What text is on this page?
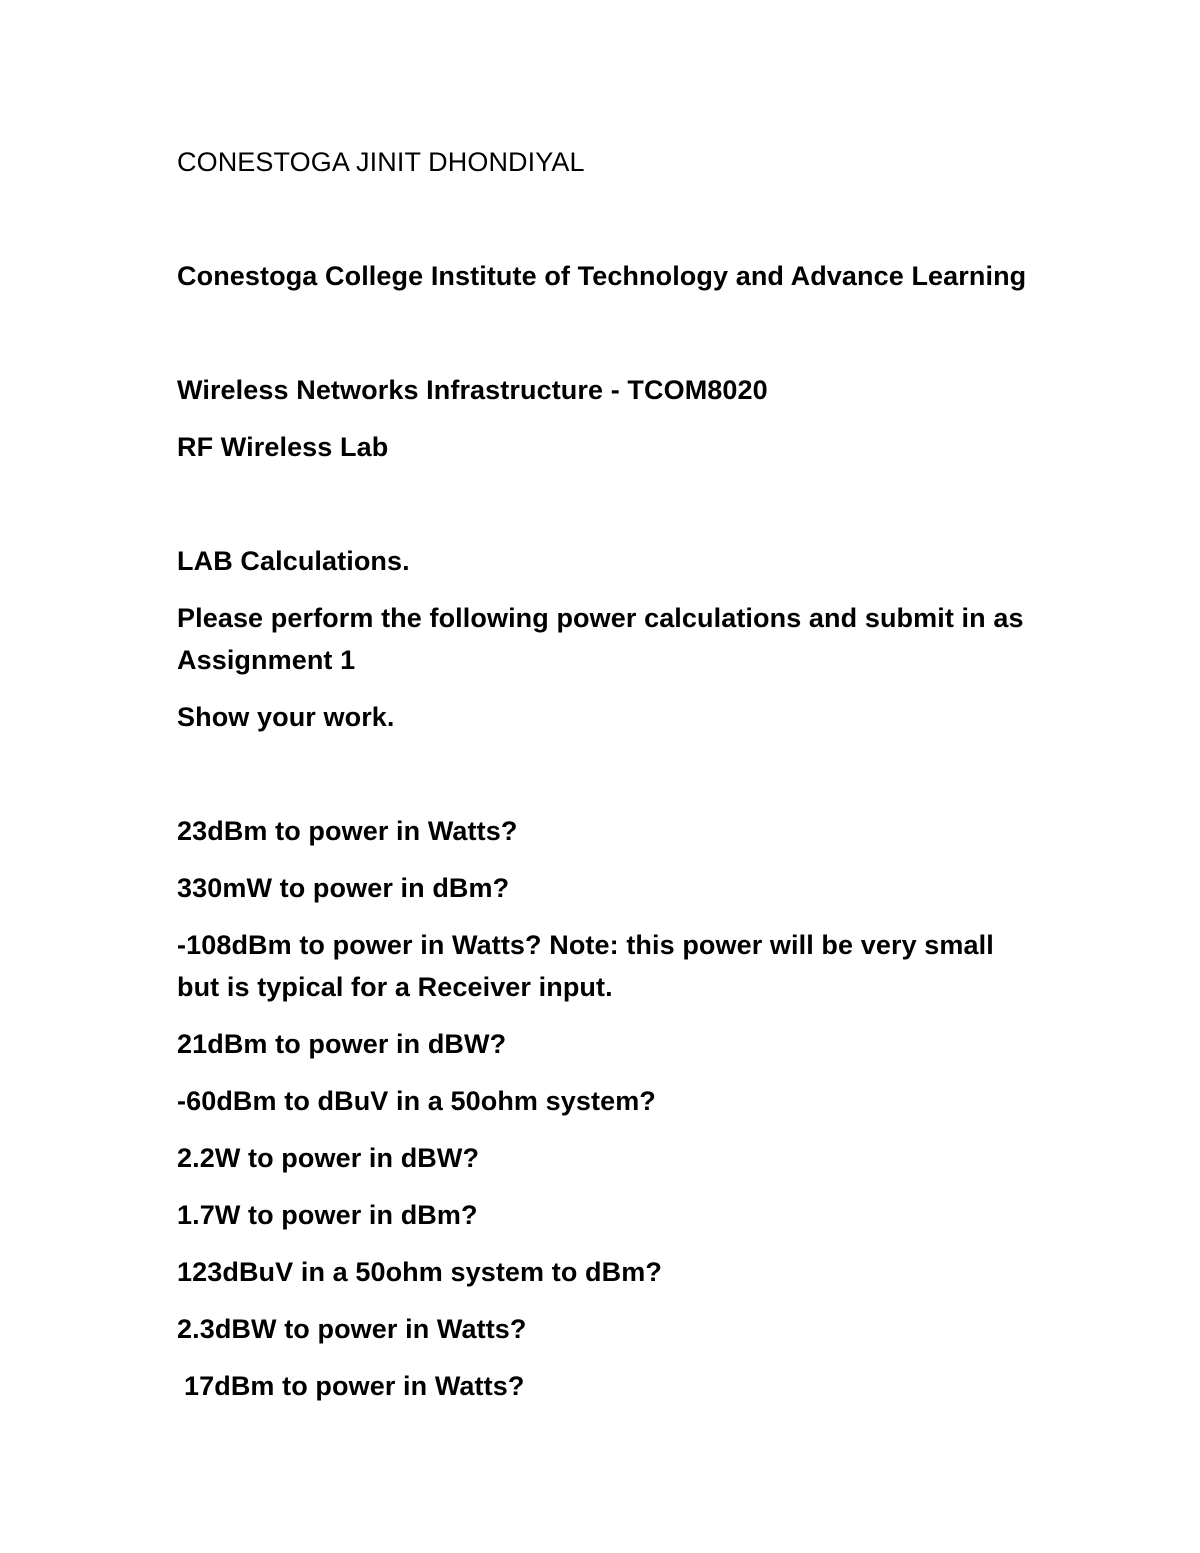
CONESTOGA JINIT DHONDIYAL

Conestoga College Institute of Technology and Advance Learning

Wireless Networks Infrastructure - TCOM8020

RF Wireless Lab

LAB Calculations.

Please perform the following power calculations and submit in as

Assignment 1

Show your work.

23dBm to power in Watts?

330mW to power in dBm?

-108dBm to power in Watts? Note: this power will be very small

but is typical for a Receiver input.

21dBm to power in dBW?

-60dBm to dBuV in a 50ohm system?

2.2W to power in dBW?

1.7W to power in dBm?

123dBuV in a 50ohm system to dBm?

2.3dBW to power in Watts?

17dBm to power in Watts?
